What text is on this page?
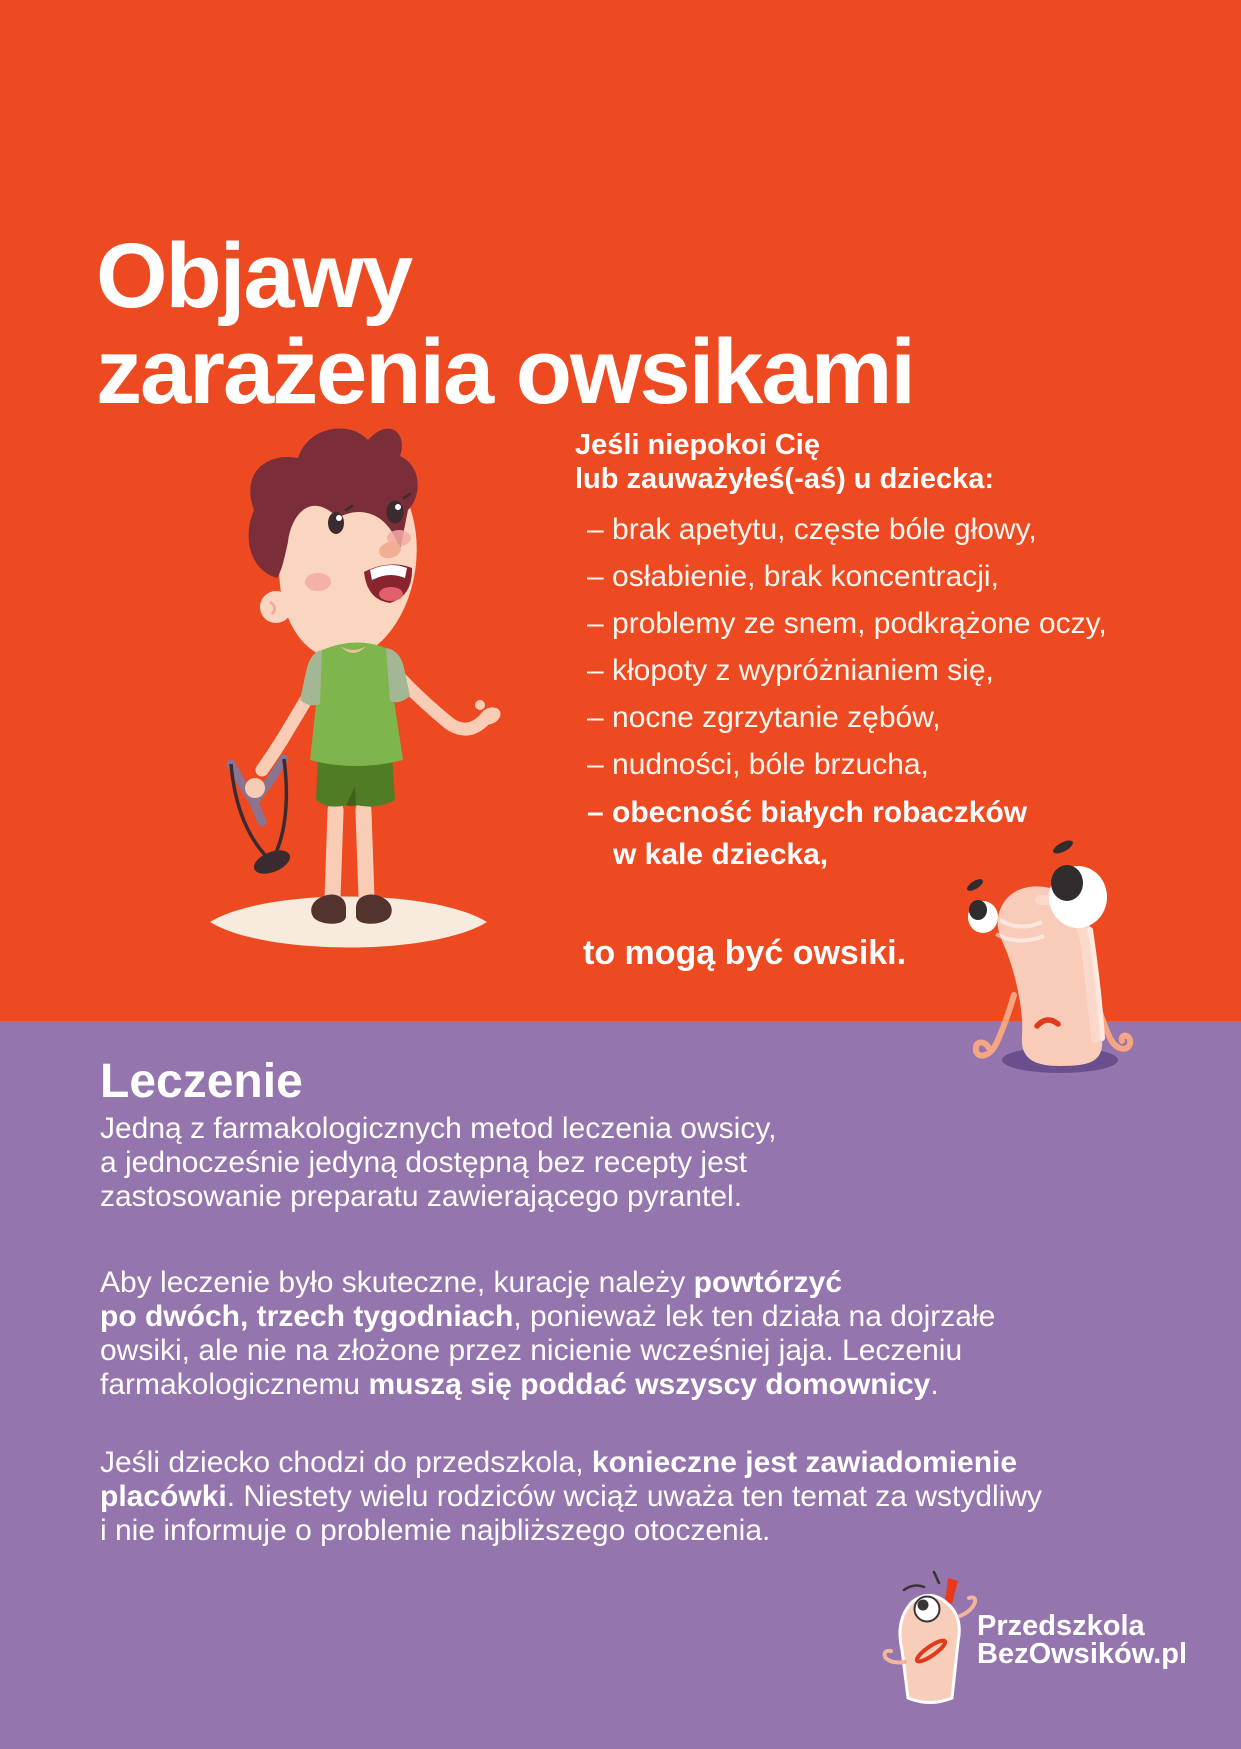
Objawy
zarażenia owsikami
Jeśli niepokoi Cię
lub zauważyłeś(-aś) u dziecka:
– brak apetytu, częste bóle głowy,
– osłabienie, brak koncentracji,
– problemy ze snem, podkrążone oczy,
– kłopoty z wypróżnianiem się,
– nocne zgrzytanie zębów,
– nudności, bóle brzucha,
– obecność białych robaczków
w kale dziecka,
to mogą być owsiki.
Leczenie
Jedną z farmakologicznych metod leczenia owsicy,
a jednocześnie jedyną dostępną bez recepty jest
zastosowanie preparatu zawierającego pyrantel.
Aby leczenie było skuteczne, kurację należy powtórzyć
po dwóch, trzech tygodniach, ponieważ lek ten działa na dojrzałe
owsiki, ale nie na złożone przez nicienie wcześniej jaja. Leczeniu
farmakologicznemu muszą się poddać wszyscy domownicy.
Jeśli dziecko chodzi do przedszkola, konieczne jest zawiadomienie
placówki. Niestety wielu rodziców wciąż uważa ten temat za wstydliwy
i nie informuje o problemie najbliższego otoczenia.
Przedszkola
BezOwsików.pl
